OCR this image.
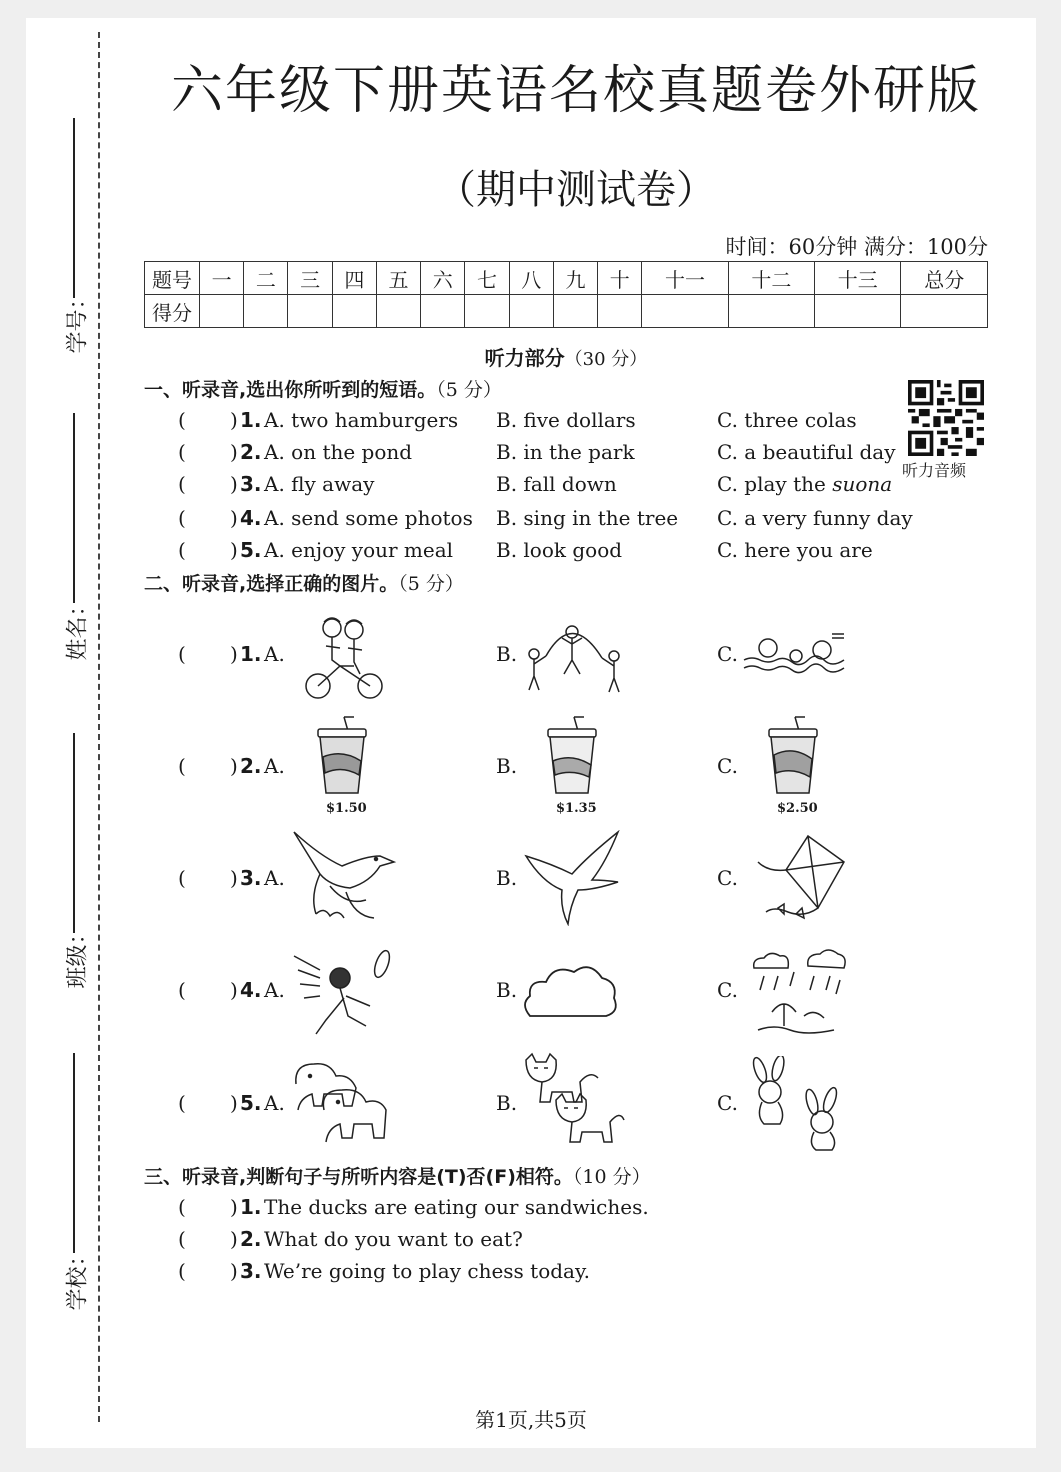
学号：
姓名：
班级：
学校：
六年级下册英语名校真题卷外研版
（期中测试卷）
时间：60分钟 满分：100分
题号	一	二	三	四	五	六	七	八	九	十	十一	十二	十三	总分
得分														
听力部分（30 分）
听力音频
一、听录音,选出你所听到的短语。（5 分）
( ) 1. A. two hamburgers B. five dollars	C. three colas
( ) 2. A. on the pond	B. in the park	C. a beautiful day
( ) 3. A. fly away	B. fall down	C. play the suona
( ) 4. A. send some photos B. sing in the tree C. a very funny day
( ) 5. A. enjoy your meal B. look good	C. here you are
二、听录音,选择正确的图片。（5 分）
( ) 1. A.	B.	C.
( ) 2. A.	B.	C.
$1.50	$1.35	$2.50
( ) 3. A.	B.	C.
( ) 4. A.	B.	C.
( ) 5. A.	B.	C.
三、听录音,判断句子与所听内容是(T)否(F)相符。（10 分）
( ) 1. The ducks are eating our sandwiches.
( ) 2. What do you want to eat?
( ) 3. We’re going to play chess today.
第1页,共5页
